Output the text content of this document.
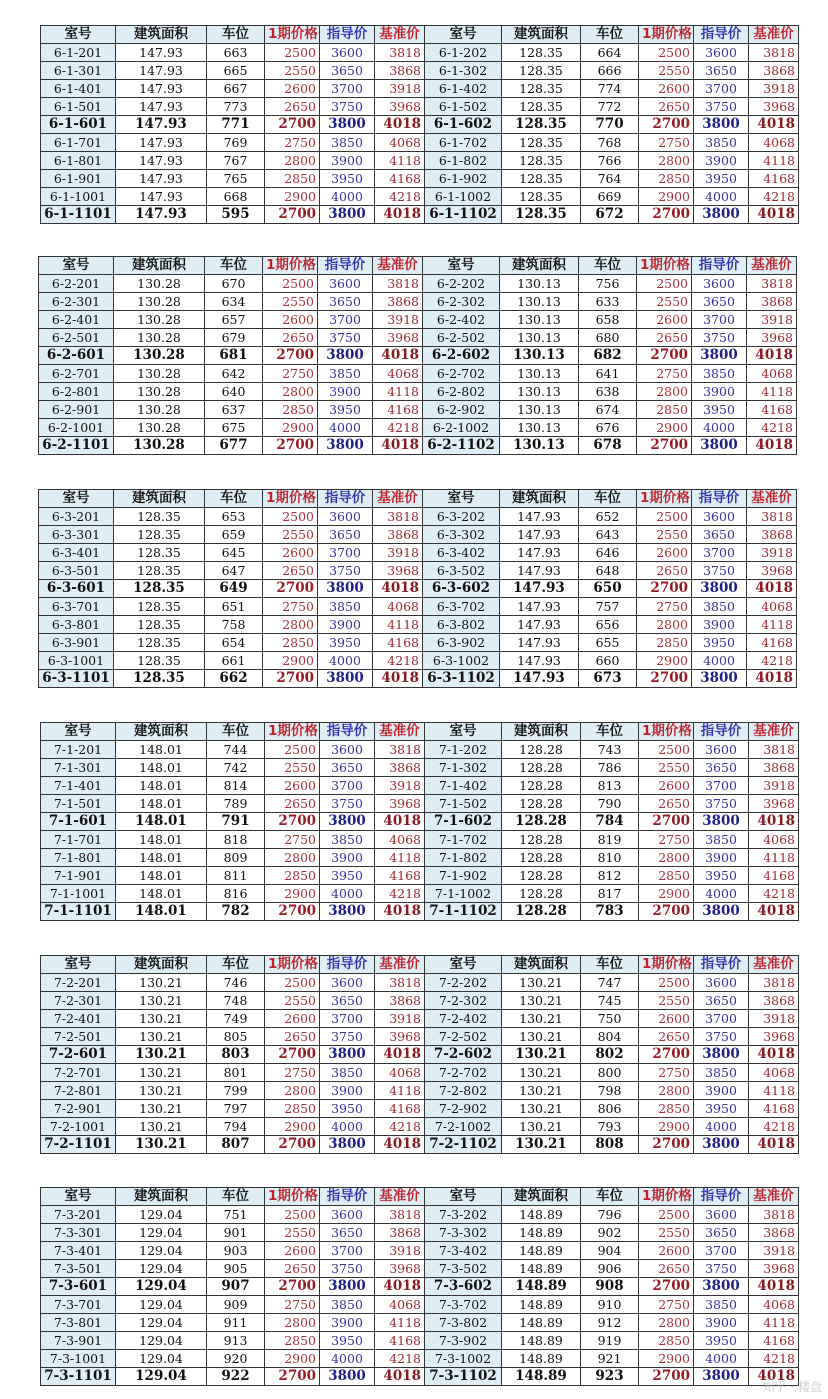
室号	建筑面积	车位	1期价格	指导价	基准价	室号	建筑面积	车位	1期价格	指导价	基准价
6-1-201	147.93	663	2500	3600	3818	6-1-202	128.35	664	2500	3600	3818
6-1-301	147.93	665	2550	3650	3868	6-1-302	128.35	666	2550	3650	3868
6-1-401	147.93	667	2600	3700	3918	6-1-402	128.35	774	2600	3700	3918
6-1-501	147.93	773	2650	3750	3968	6-1-502	128.35	772	2650	3750	3968
6-1-601	147.93	771	2700	3800	4018	6-1-602	128.35	770	2700	3800	4018
6-1-701	147.93	769	2750	3850	4068	6-1-702	128.35	768	2750	3850	4068
6-1-801	147.93	767	2800	3900	4118	6-1-802	128.35	766	2800	3900	4118
6-1-901	147.93	765	2850	3950	4168	6-1-902	128.35	764	2850	3950	4168
6-1-1001	147.93	668	2900	4000	4218	6-1-1002	128.35	669	2900	4000	4218
6-1-1101	147.93	595	2700	3800	4018	6-1-1102	128.35	672	2700	3800	4018
室号	建筑面积	车位	1期价格	指导价	基准价	室号	建筑面积	车位	1期价格	指导价	基准价
6-2-201	130.28	670	2500	3600	3818	6-2-202	130.13	756	2500	3600	3818
6-2-301	130.28	634	2550	3650	3868	6-2-302	130.13	633	2550	3650	3868
6-2-401	130.28	657	2600	3700	3918	6-2-402	130.13	658	2600	3700	3918
6-2-501	130.28	679	2650	3750	3968	6-2-502	130.13	680	2650	3750	3968
6-2-601	130.28	681	2700	3800	4018	6-2-602	130.13	682	2700	3800	4018
6-2-701	130.28	642	2750	3850	4068	6-2-702	130.13	641	2750	3850	4068
6-2-801	130.28	640	2800	3900	4118	6-2-802	130.13	638	2800	3900	4118
6-2-901	130.28	637	2850	3950	4168	6-2-902	130.13	674	2850	3950	4168
6-2-1001	130.28	675	2900	4000	4218	6-2-1002	130.13	676	2900	4000	4218
6-2-1101	130.28	677	2700	3800	4018	6-2-1102	130.13	678	2700	3800	4018
室号	建筑面积	车位	1期价格	指导价	基准价	室号	建筑面积	车位	1期价格	指导价	基准价
6-3-201	128.35	653	2500	3600	3818	6-3-202	147.93	652	2500	3600	3818
6-3-301	128.35	659	2550	3650	3868	6-3-302	147.93	643	2550	3650	3868
6-3-401	128.35	645	2600	3700	3918	6-3-402	147.93	646	2600	3700	3918
6-3-501	128.35	647	2650	3750	3968	6-3-502	147.93	648	2650	3750	3968
6-3-601	128.35	649	2700	3800	4018	6-3-602	147.93	650	2700	3800	4018
6-3-701	128.35	651	2750	3850	4068	6-3-702	147.93	757	2750	3850	4068
6-3-801	128.35	758	2800	3900	4118	6-3-802	147.93	656	2800	3900	4118
6-3-901	128.35	654	2850	3950	4168	6-3-902	147.93	655	2850	3950	4168
6-3-1001	128.35	661	2900	4000	4218	6-3-1002	147.93	660	2900	4000	4218
6-3-1101	128.35	662	2700	3800	4018	6-3-1102	147.93	673	2700	3800	4018
室号	建筑面积	车位	1期价格	指导价	基准价	室号	建筑面积	车位	1期价格	指导价	基准价
7-1-201	148.01	744	2500	3600	3818	7-1-202	128.28	743	2500	3600	3818
7-1-301	148.01	742	2550	3650	3868	7-1-302	128.28	786	2550	3650	3868
7-1-401	148.01	814	2600	3700	3918	7-1-402	128.28	813	2600	3700	3918
7-1-501	148.01	789	2650	3750	3968	7-1-502	128.28	790	2650	3750	3968
7-1-601	148.01	791	2700	3800	4018	7-1-602	128.28	784	2700	3800	4018
7-1-701	148.01	818	2750	3850	4068	7-1-702	128.28	819	2750	3850	4068
7-1-801	148.01	809	2800	3900	4118	7-1-802	128.28	810	2800	3900	4118
7-1-901	148.01	811	2850	3950	4168	7-1-902	128.28	812	2850	3950	4168
7-1-1001	148.01	816	2900	4000	4218	7-1-1002	128.28	817	2900	4000	4218
7-1-1101	148.01	782	2700	3800	4018	7-1-1102	128.28	783	2700	3800	4018
室号	建筑面积	车位	1期价格	指导价	基准价	室号	建筑面积	车位	1期价格	指导价	基准价
7-2-201	130.21	746	2500	3600	3818	7-2-202	130.21	747	2500	3600	3818
7-2-301	130.21	748	2550	3650	3868	7-2-302	130.21	745	2550	3650	3868
7-2-401	130.21	749	2600	3700	3918	7-2-402	130.21	750	2600	3700	3918
7-2-501	130.21	805	2650	3750	3968	7-2-502	130.21	804	2650	3750	3968
7-2-601	130.21	803	2700	3800	4018	7-2-602	130.21	802	2700	3800	4018
7-2-701	130.21	801	2750	3850	4068	7-2-702	130.21	800	2750	3850	4068
7-2-801	130.21	799	2800	3900	4118	7-2-802	130.21	798	2800	3900	4118
7-2-901	130.21	797	2850	3950	4168	7-2-902	130.21	806	2850	3950	4168
7-2-1001	130.21	794	2900	4000	4218	7-2-1002	130.21	793	2900	4000	4218
7-2-1101	130.21	807	2700	3800	4018	7-2-1102	130.21	808	2700	3800	4018
室号	建筑面积	车位	1期价格	指导价	基准价	室号	建筑面积	车位	1期价格	指导价	基准价
7-3-201	129.04	751	2500	3600	3818	7-3-202	148.89	796	2500	3600	3818
7-3-301	129.04	901	2550	3650	3868	7-3-302	148.89	902	2550	3650	3868
7-3-401	129.04	903	2600	3700	3918	7-3-402	148.89	904	2600	3700	3918
7-3-501	129.04	905	2650	3750	3968	7-3-502	148.89	906	2650	3750	3968
7-3-601	129.04	907	2700	3800	4018	7-3-602	148.89	908	2700	3800	4018
7-3-701	129.04	909	2750	3850	4068	7-3-702	148.89	910	2750	3850	4068
7-3-801	129.04	911	2800	3900	4118	7-3-802	148.89	912	2800	3900	4118
7-3-901	129.04	913	2850	3950	4168	7-3-902	148.89	919	2850	3950	4168
7-3-1001	129.04	920	2900	4000	4218	7-3-1002	148.89	921	2900	4000	4218
7-3-1101	129.04	922	2700	3800	4018	7-3-1102	148.89	923	2700	3800	4018
知乎 · 楼盘
